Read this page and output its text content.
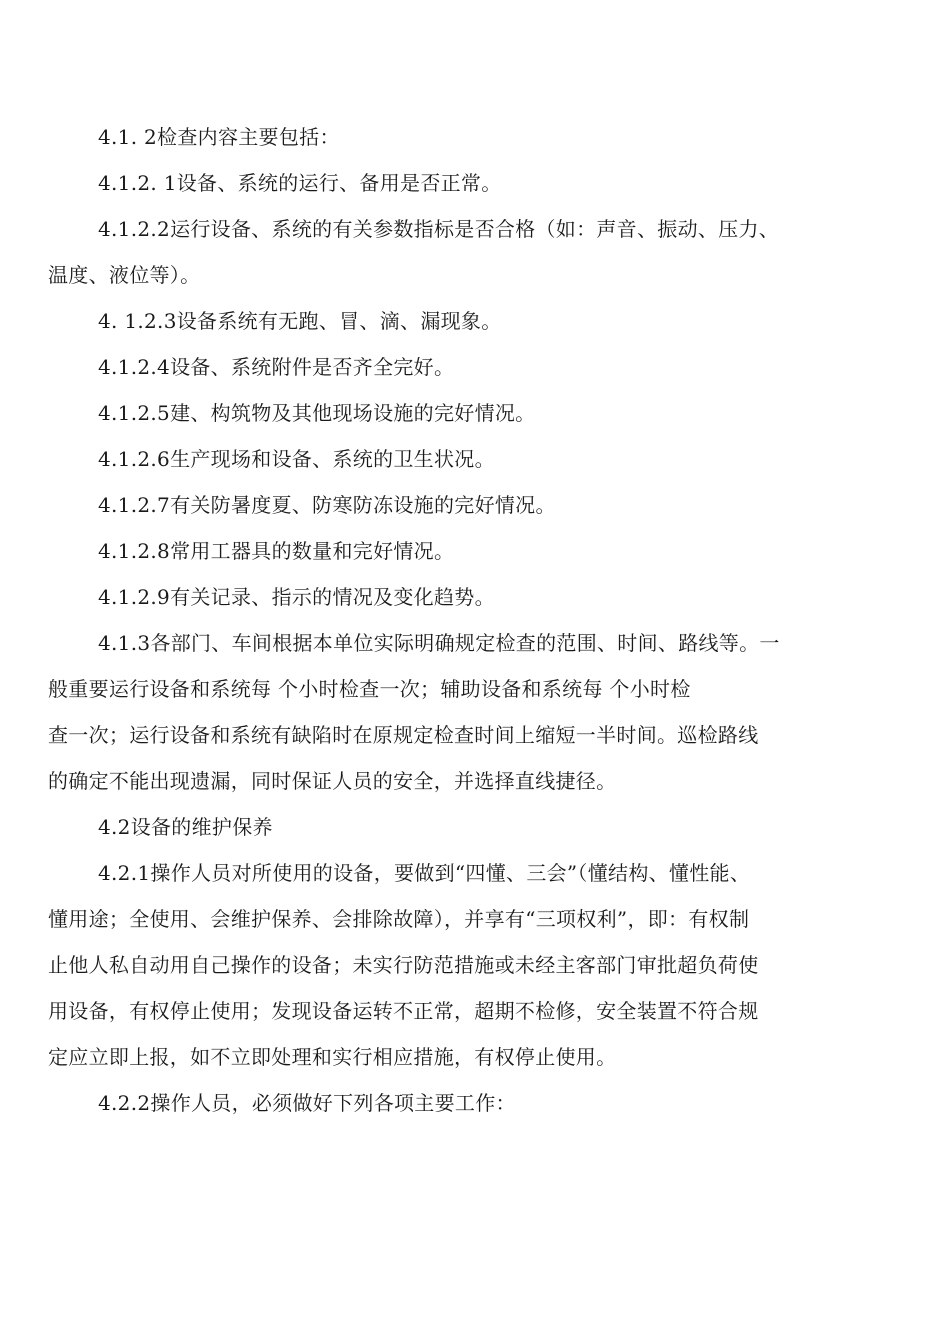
4.1. 2检查内容主要包括：
4.1.2. 1设备、系统的运行、备用是否正常。
4.1.2.2运行设备、系统的有关参数指标是否合格（如：声音、振动、压力、
温度、液位等）。
4. 1.2.3设备系统有无跑、冒、滴、漏现象。
4.1.2.4设备、系统附件是否齐全完好。
4.1.2.5建、构筑物及其他现场设施的完好情况。
4.1.2.6生产现场和设备、系统的卫生状况。
4.1.2.7有关防暑度夏、防寒防冻设施的完好情况。
4.1.2.8常用工器具的数量和完好情况。
4.1.2.9有关记录、指示的情况及变化趋势。
4.1.3各部门、车间根据本单位实际明确规定检查的范围、时间、路线等。一
般重要运行设备和系统每 个小时检查一次；辅助设备和系统每 个小时检
查一次；运行设备和系统有缺陷时在原规定检查时间上缩短一半时间。巡检路线
的确定不能出现遗漏，同时保证人员的安全，并选择直线捷径。
4.2设备的维护保养
4.2.1操作人员对所使用的设备，要做到“四懂、三会”（懂结构、懂性能、
懂用途；全使用、会维护保养、会排除故障），并享有“三项权利”，即：有权制
止他人私自动用自己操作的设备；未实行防范措施或未经主客部门审批超负荷使
用设备，有权停止使用；发现设备运转不正常，超期不检修，安全装置不符合规
定应立即上报，如不立即处理和实行相应措施，有权停止使用。
4.2.2操作人员，必须做好下列各项主要工作：
